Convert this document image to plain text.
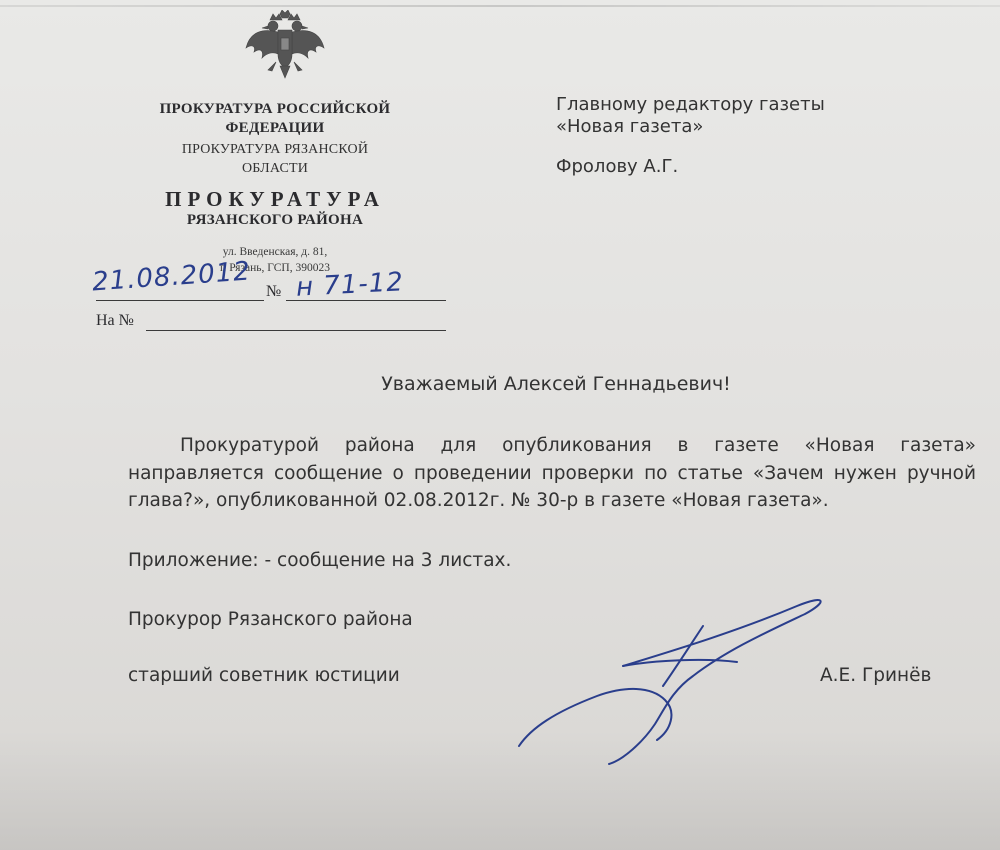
ПРОКУРАТУРА РОССИЙСКОЙ
ФЕДЕРАЦИИ
ПРОКУРАТУРА РЯЗАНСКОЙ
ОБЛАСТИ
ПРОКУРАТУРА
РЯЗАНСКОГО РАЙОНА
ул. Введенская, д. 81,
г. Рязань, ГСП, 390023
21.08.2012 № н 71-12
На №
Главному редактору газеты
«Новая газета»
Фролову А.Г.
Уважаемый Алексей Геннадьевич!
Прокуратурой района для опубликования в газете «Новая газета» направляется сообщение о проведении проверки по статье «Зачем нужен ручной глава?», опубликованной 02.08.2012г. № 30-р в газете «Новая газета».
Приложение: - сообщение на 3 листах.
Прокурор Рязанского района
старший советник юстиции	А.Е. Гринёв
